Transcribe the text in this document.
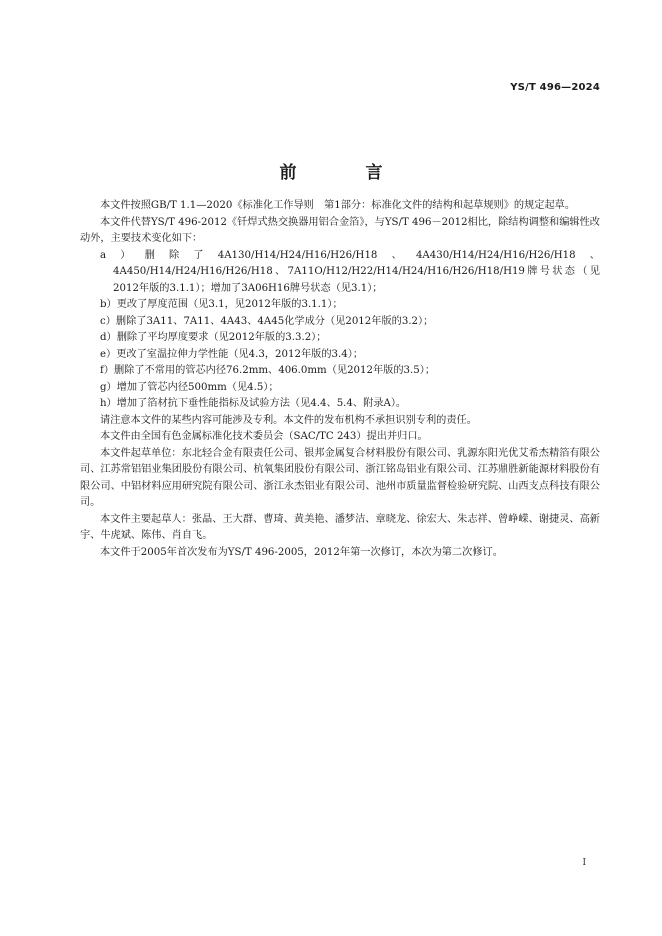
YS/T 496—2024
前　言

本文件按照GB/T 1.1—2020《标准化工作导则　第1部分：标准化文件的结构和起草规则》的规定起草。

本文件代替YS/T 496-2012《钎焊式热交换器用铝合金箔》，与YS/T 496－2012相比，除结构调整和编辑性改动外，主要技术变化如下：

a）删除了4A130/H14/H24/H16/H26/H18、4A430/H14/H24/H16/H26/H18、4A450/H14/H24/H16/H26/H18、7A11O/H12/H22/H14/H24/H16/H26/H18/H19牌号状态（见2012年版的3.1.1）；增加了3A06H16牌号状态（见3.1）；

b）更改了厚度范围（见3.1，见2012年版的3.1.1）；

c）删除了3A11、7A11、4A43、4A45化学成分（见2012年版的3.2）；

d）删除了平均厚度要求（见2012年版的3.3.2）；

e）更改了室温拉伸力学性能（见4.3，2012年版的3.4）；

f）删除了不常用的管芯内径76.2mm、406.0mm（见2012年版的3.5）；

g）增加了管芯内径500mm（见4.5）；

h）增加了箔材抗下垂性能指标及试验方法（见4.4、5.4、附录A）。

请注意本文件的某些内容可能涉及专利。本文件的发布机构不承担识别专利的责任。

本文件由全国有色金属标准化技术委员会（SAC/TC 243）提出并归口。

本文件起草单位：东北轻合金有限责任公司、银邦金属复合材料股份有限公司、乳源东阳光优艾希杰精箔有限公司、江苏常铝铝业集团股份有限公司、杭氧集团股份有限公司、浙江铭岛铝业有限公司、江苏鼎胜新能源材料股份有限公司、中铝材料应用研究院有限公司、浙江永杰铝业有限公司、池州市质量监督检验研究院、山西支点科技有限公司。

本文件主要起草人：张晶、王大群、曹琦、黄美艳、潘梦洁、章晓龙、徐宏大、朱志祥、曾峥嵘、谢捷灵、高新宇、牛虎斌、陈伟、肖自飞。

本文件于2005年首次发布为YS/T 496-2005，2012年第一次修订，本次为第二次修订。

I
